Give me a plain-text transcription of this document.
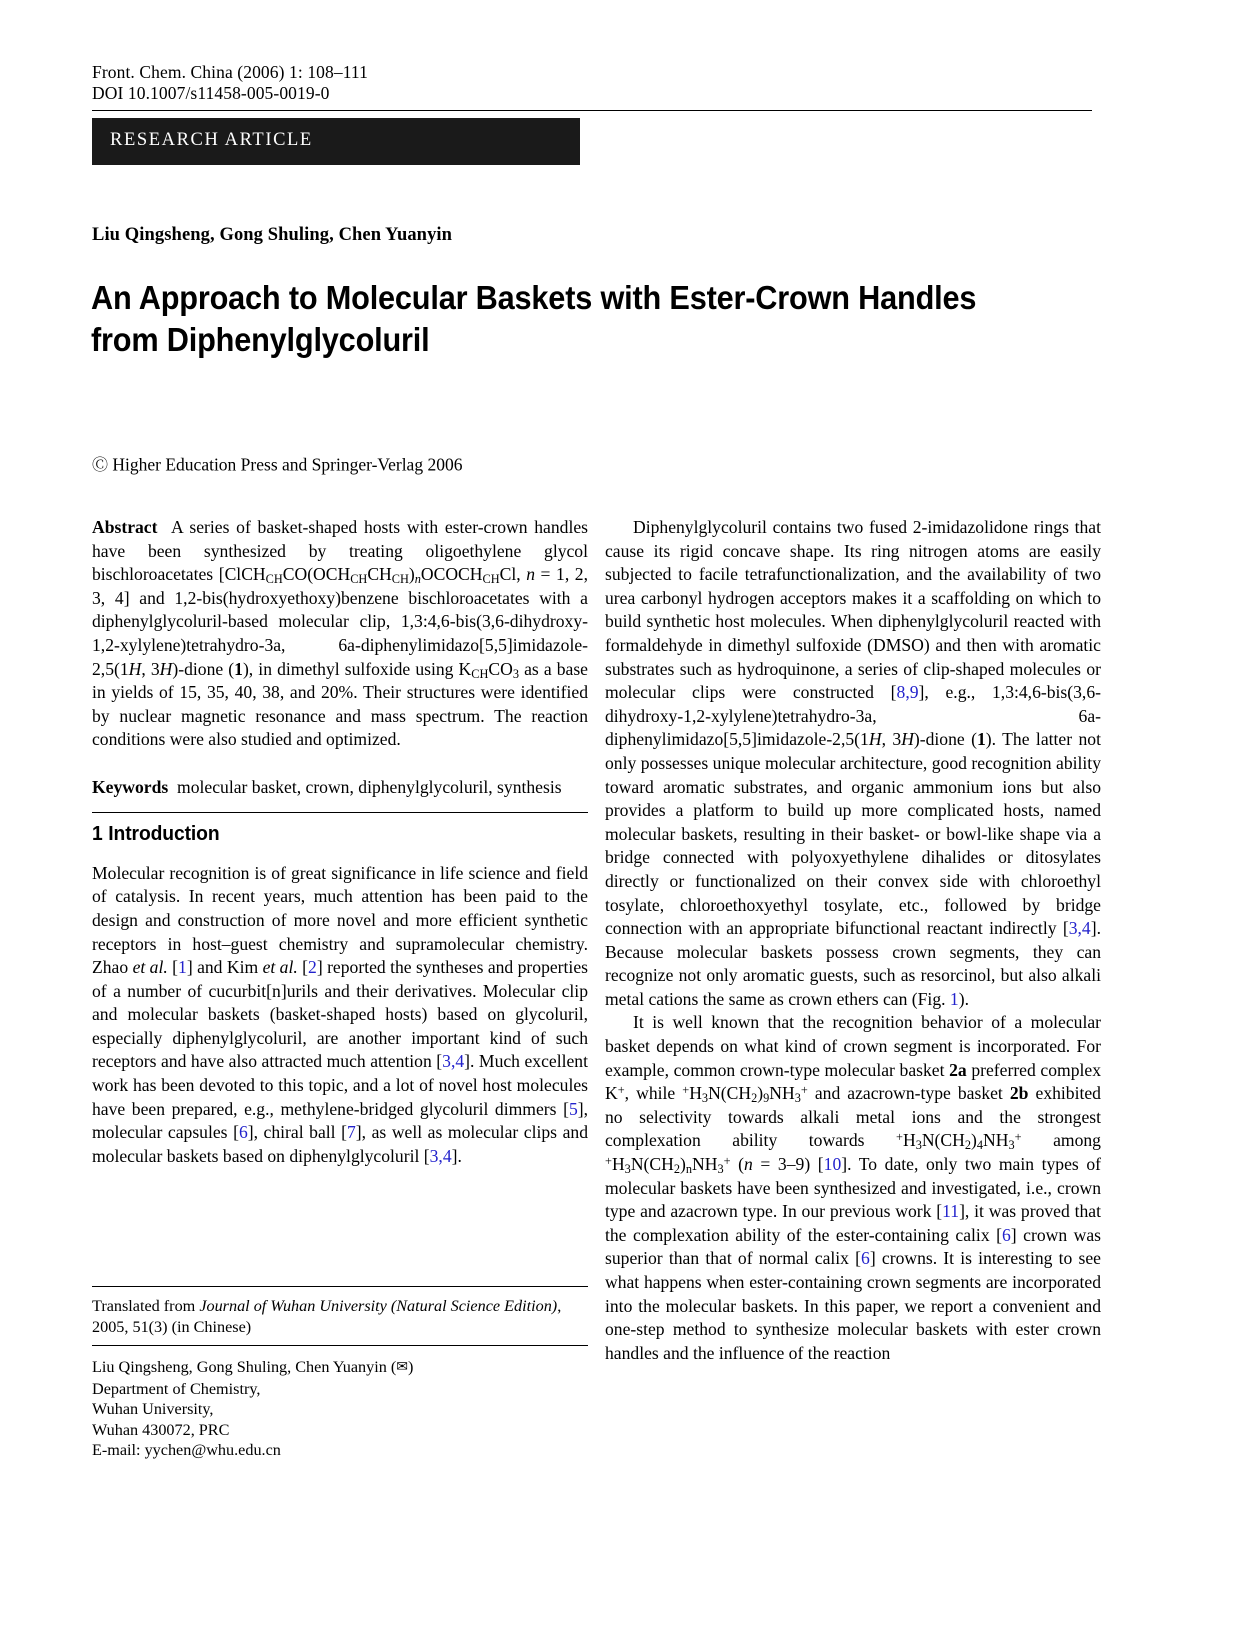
Front. Chem. China (2006) 1: 108–111
DOI 10.1007/s11458-005-0019-0
RESEARCH ARTICLE
Liu Qingsheng, Gong Shuling, Chen Yuanyin
An Approach to Molecular Baskets with Ester-Crown Handles from Diphenylglycoluril
Ⓒ Higher Education Press and Springer-Verlag 2006

Abstract A series of basket-shaped hosts with ester-crown handles have been synthesized by treating oligoethylene glycol bischloroacetates [$ClCH_{CH}CO(OCH_{CH}CH_{CH})_nOCOCH_{CH}Cl$, n = 1, 2, 3, 4] and 1,2-bis(hydroxyethoxy)benzene bischloroacetates with a diphenylglycoluril-based molecular clip, 1,3:4,6-bis(3,6-dihydroxy-1,2-xylylene)tetrahydro-3a, 6a-diphenylimidazo[5,5]imidazole-2,5(1H, 3H)-dione (1), in dimethyl sulfoxide using $K_{CH}CO_3$ as a base in yields of 15, 35, 40, 38, and 20%. Their structures were identified by nuclear magnetic resonance and mass spectrum. The reaction conditions were also studied and optimized.

Keywords molecular basket, crown, diphenylglycoluril, synthesis

1 Introduction

Molecular recognition is of great significance in life science and field of catalysis. In recent years, much attention has been paid to the design and construction of more novel and more efficient synthetic receptors in host–guest chemistry and supramolecular chemistry. Zhao et al. [1] and Kim et al. [2] reported the syntheses and properties of a number of cucurbit[n]urils and their derivatives. Molecular clip and molecular baskets (basket-shaped hosts) based on glycoluril, especially diphenylglycoluril, are another important kind of such receptors and have also attracted much attention [3,4]. Much excellent work has been devoted to this topic, and a lot of novel host molecules have been prepared, e.g., methylene-bridged glycoluril dimmers [5], molecular capsules [6], chiral ball [7], as well as molecular clips and molecular baskets based on diphenylglycoluril [3,4].

Translated from Journal of Wuhan University (Natural Science Edition), 2005, 51(3) (in Chinese)
Liu Qingsheng, Gong Shuling, Chen Yuanyin (✉)
Department of Chemistry,
Wuhan University,
Wuhan 430072, PRC
E-mail: yychen@whu.edu.cn

Diphenylglycoluril contains two fused 2-imidazolidone rings that cause its rigid concave shape. Its ring nitrogen atoms are easily subjected to facile tetrafunctionalization, and the availability of two urea carbonyl hydrogen acceptors makes it a scaffolding on which to build synthetic host molecules. When diphenylglycoluril reacted with formaldehyde in dimethyl sulfoxide (DMSO) and then with aromatic substrates such as hydroquinone, a series of clip-shaped molecules or molecular clips were constructed [8,9], e.g., 1,3:4,6-bis(3,6-dihydroxy-1,2-xylylene)tetrahydro-3a, 6a-diphenylimidazo[5,5]imidazole-2,5(1H, 3H)-dione (1). The latter not only possesses unique molecular architecture, good recognition ability toward aromatic substrates, and organic ammonium ions but also provides a platform to build up more complicated hosts, named molecular baskets, resulting in their basket- or bowl-like shape via a bridge connected with polyoxyethylene dihalides or ditosylates directly or functionalized on their convex side with chloroethyl tosylate, chloroethoxyethyl tosylate, etc., followed by bridge connection with an appropriate bifunctional reactant indirectly [3,4]. Because molecular baskets possess crown segments, they can recognize not only aromatic guests, such as resorcinol, but also alkali metal cations the same as crown ethers can (Fig. 1).

It is well known that the recognition behavior of a molecular basket depends on what kind of crown segment is incorporated. For example, common crown-type molecular basket 2a preferred complex K+, while $^+H_3N(CH_2)_9NH_3^+$ and azacrown-type basket 2b exhibited no selectivity towards alkali metal ions and the strongest complexation ability towards $^+H_3N(CH_2)_4NH_3^+$ among $^+H_3N(CH_2)_nNH_3^+$ (n = 3–9) [10]. To date, only two main types of molecular baskets have been synthesized and investigated, i.e., crown type and azacrown type. In our previous work [11], it was proved that the complexation ability of the ester-containing calix [6] crown was superior than that of normal calix [6] crowns. It is interesting to see what happens when ester-containing crown segments are incorporated into the molecular baskets. In this paper, we report a convenient and one-step method to synthesize molecular baskets with ester crown handles and the influence of the reaction
